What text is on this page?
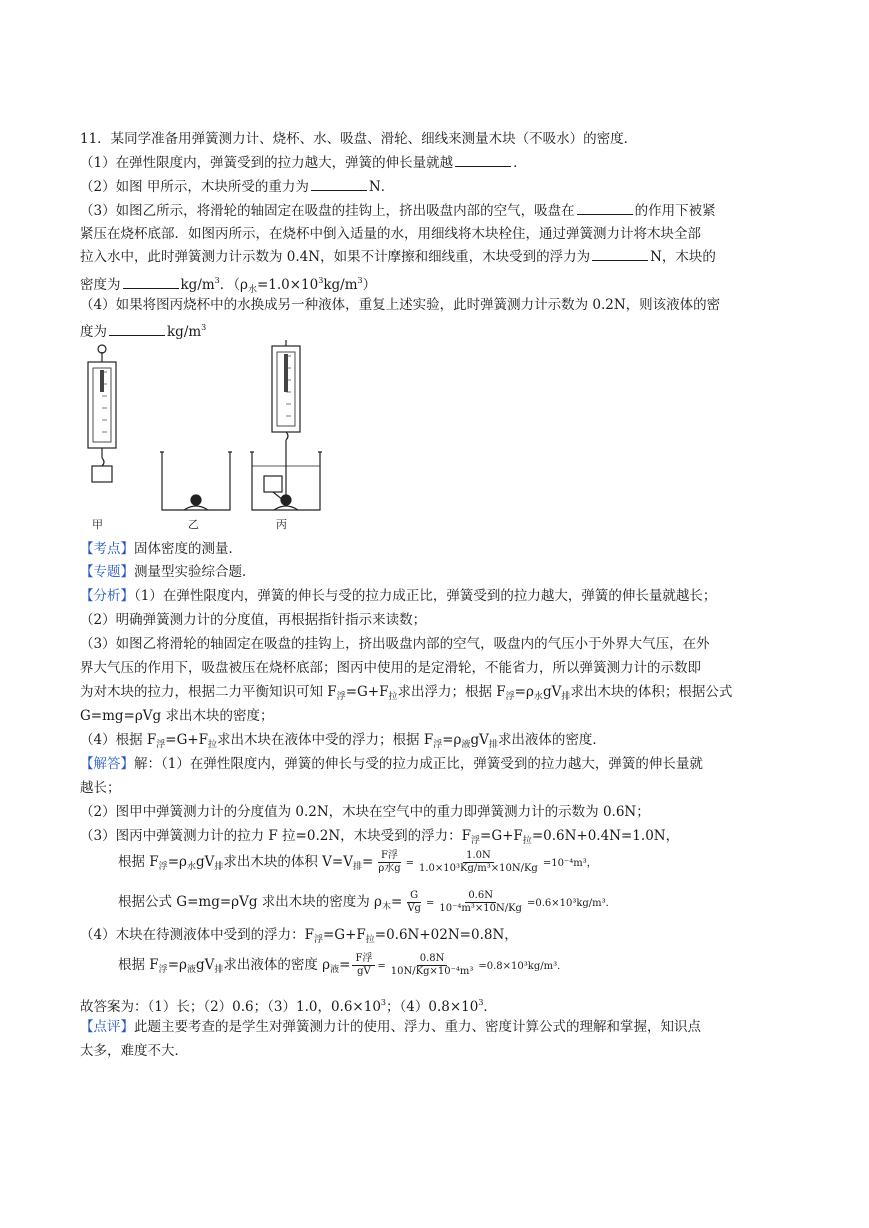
11．某同学准备用弹簧测力计、烧杯、水、吸盘、滑轮、细线来测量木块（不吸水）的密度．
（1）在弹性限度内，弹簧受到的拉力越大，弹簧的伸长量就越	．
（2）如图 甲所示，木块所受的重力为	N．
（3）如图乙所示，将滑轮的轴固定在吸盘的挂钩上，挤出吸盘内部的空气，吸盘在	的作用下被紧
紧压在烧杯底部．如图丙所示，在烧杯中倒入适量的水，用细线将木块栓住，通过弹簧测力计将木块全部
拉入水中，此时弹簧测力计示数为 0.4N，如果不计摩擦和细线重，木块受到的浮力为	N，木块的
密度为	$kg/m^3$．$(\rho_水=1.0\times 10^3kg/m^3)$
（4）如果将图丙烧杯中的水换成另一种液体，重复上述实验，此时弹簧测力计示数为 0.2N，则该液体的密
度为	$kg/m^3$
甲	乙	丙
【考点】固体密度的测量．
【专题】测量型实验综合题．
【分析】（1）在弹性限度内，弹簧的伸长与受的拉力成正比，弹簧受到的拉力越大，弹簧的伸长量就越长；
（2）明确弹簧测力计的分度值，再根据指针指示来读数；
（3）如图乙将滑轮的轴固定在吸盘的挂钩上，挤出吸盘内部的空气，吸盘内的气压小于外界大气压，在外
界大气压的作用下，吸盘被压在烧杯底部；图丙中使用的是定滑轮，不能省力，所以弹簧测力计的示数即
为对木块的拉力，根据二力平衡知识可知 $F_浮=G+F_拉$求出浮力；根据 $F_浮=\rho_水gV_排$求出木块的体积；根据公式
G=mg=ρVg 求出木块的密度；
（4）根据 $F_浮=G+F_拉$求出木块在液体中受的浮力；根据 $F_浮=\rho_液gV_排$求出液体的密度．
【解答】解：（1）在弹性限度内，弹簧的伸长与受的拉力成正比，弹簧受到的拉力越大，弹簧的伸长量就
越长；
（2）图甲中弹簧测力计的分度值为 0.2N，木块在空气中的重力即弹簧测力计的示数为 0.6N；
（3）图丙中弹簧测力计的拉力 F 拉=0.2N，木块受到的浮力：$F_浮=G+F_拉=0.6N+0.4N=1.0N$，
根据 $F_浮=\rho_水gV_排$求出木块的体积 $V=V_排= \frac{\text{F浮}}{\text{ρ水g}} = \frac{1.0N}{\text{1.0×10³Kg/m³×10N/Kg}} =10^{-4}m^3$，
根据公式 G=mg=ρVg 求出木块的密度为 $\rho_木= \frac{G}{Vg} = \frac{0.6N}{\text{10⁻⁴m³×10N/Kg}} =0.6\times 10^3kg/m^3$．
（4）木块在待测液体中受到的浮力：$F_浮=G+F_拉=0.6N+02N=0.8N$，
根据 $F_浮=\rho_液gV_排$求出液体的密度 $\rho_液= \frac{\text{F浮}}{gV} = \frac{0.8N}{\text{10N/Kg×10⁻⁴m³}} =0.8\times 10^3kg/m^3$．
故答案为：（1）长；（2）0.6；（3）1.0，$0.6\times 10^3$；$(4)0.8\times 10^3$．
【点评】此题主要考查的是学生对弹簧测力计的使用、浮力、重力、密度计算公式的理解和掌握，知识点
太多，难度不大．
